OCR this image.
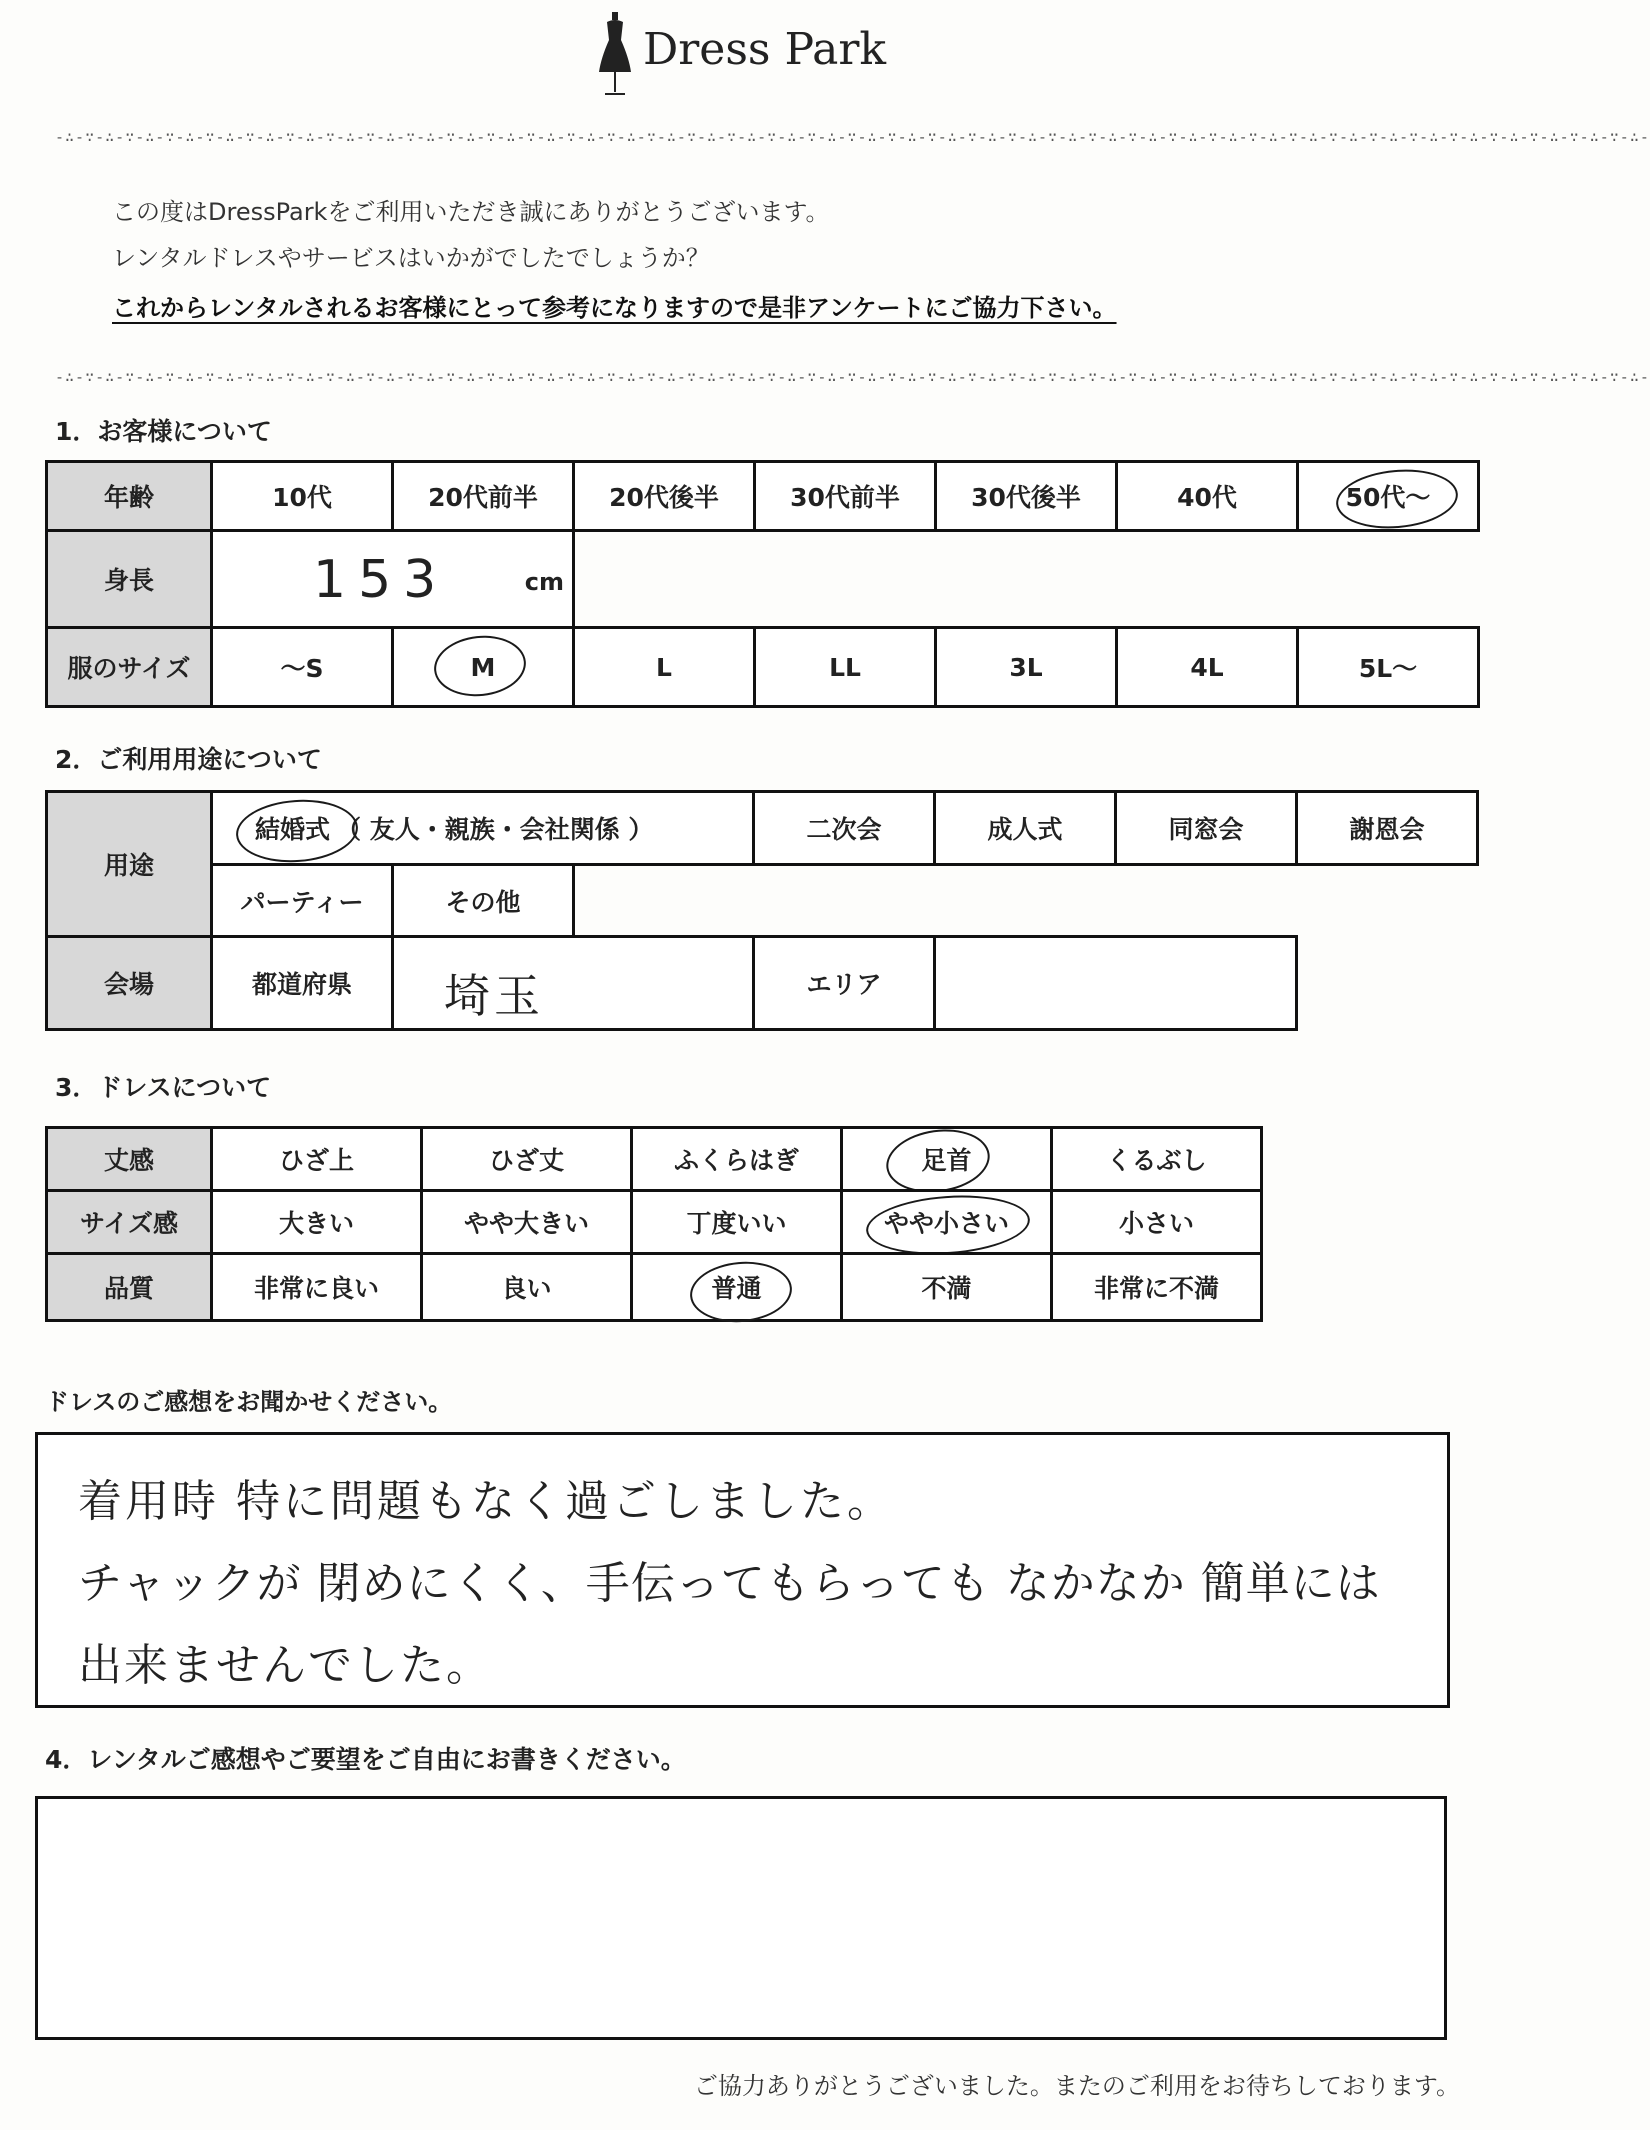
Dress Park
-∴-∵-∴-∵-∴-∵-∴-∵-∴-∵-∴-∵-∴-∵-∴-∵-∴-∵-∴-∵-∴-∵-∴-∵-∴-∵-∴-∵-∴-∵-∴-∵-∴-∵-∴-∵-∴-∵-∴-∵-∴-∵-∴-∵-∴-∵-∴-∵-∴-∵-∴-∵-∴-∵-∴-∵-∴-∵-∴-∵-∴-∵-∴-∵-∴-∵-∴-∵-∴-∵-∴-∵-∴-∵-∴-∵-∴-∵-∴-
この度はDressParkをご利用いただき誠にありがとうございます。
レンタルドレスやサービスはいかがでしたでしょうか？
これからレンタルされるお客様にとって参考になりますので是非アンケートにご協力下さい。
-∴-∵-∴-∵-∴-∵-∴-∵-∴-∵-∴-∵-∴-∵-∴-∵-∴-∵-∴-∵-∴-∵-∴-∵-∴-∵-∴-∵-∴-∵-∴-∵-∴-∵-∴-∵-∴-∵-∴-∵-∴-∵-∴-∵-∴-∵-∴-∵-∴-∵-∴-∵-∴-∵-∴-∵-∴-∵-∴-∵-∴-∵-∴-∵-∴-∵-∴-∵-∴-∵-∴-∵-∴-∵-∴-∵-∴-∵-∴-
1．お客様について
年齢	10代	20代前半	20代後半	30代前半	30代後半	40代	50代～
身長	153	cm
服のサイズ	～S	M	L	LL	3L	4L	5L～
2．ご利用用途について
用途
結婚式 （ 友人・親族・会社関係 ）	二次会	成人式	同窓会	謝恩会
パーティー	その他
会場	都道府県	埼玉	エリア
3．ドレスについて
丈感	ひざ上	ひざ丈	ふくらはぎ	足首	くるぶし
サイズ感	大きい	やや大きい	丁度いい	やや小さい	小さい
品質	非常に良い	良い	普通	不満	非常に不満
ドレスのご感想をお聞かせください。
着用時 特に問題もなく過ごしました。
チャックが 閉めにくく、手伝ってもらっても なかなか 簡単には
出来ませんでした。
4．レンタルご感想やご要望をご自由にお書きください。
ご協力ありがとうございました。またのご利用をお待ちしております。
